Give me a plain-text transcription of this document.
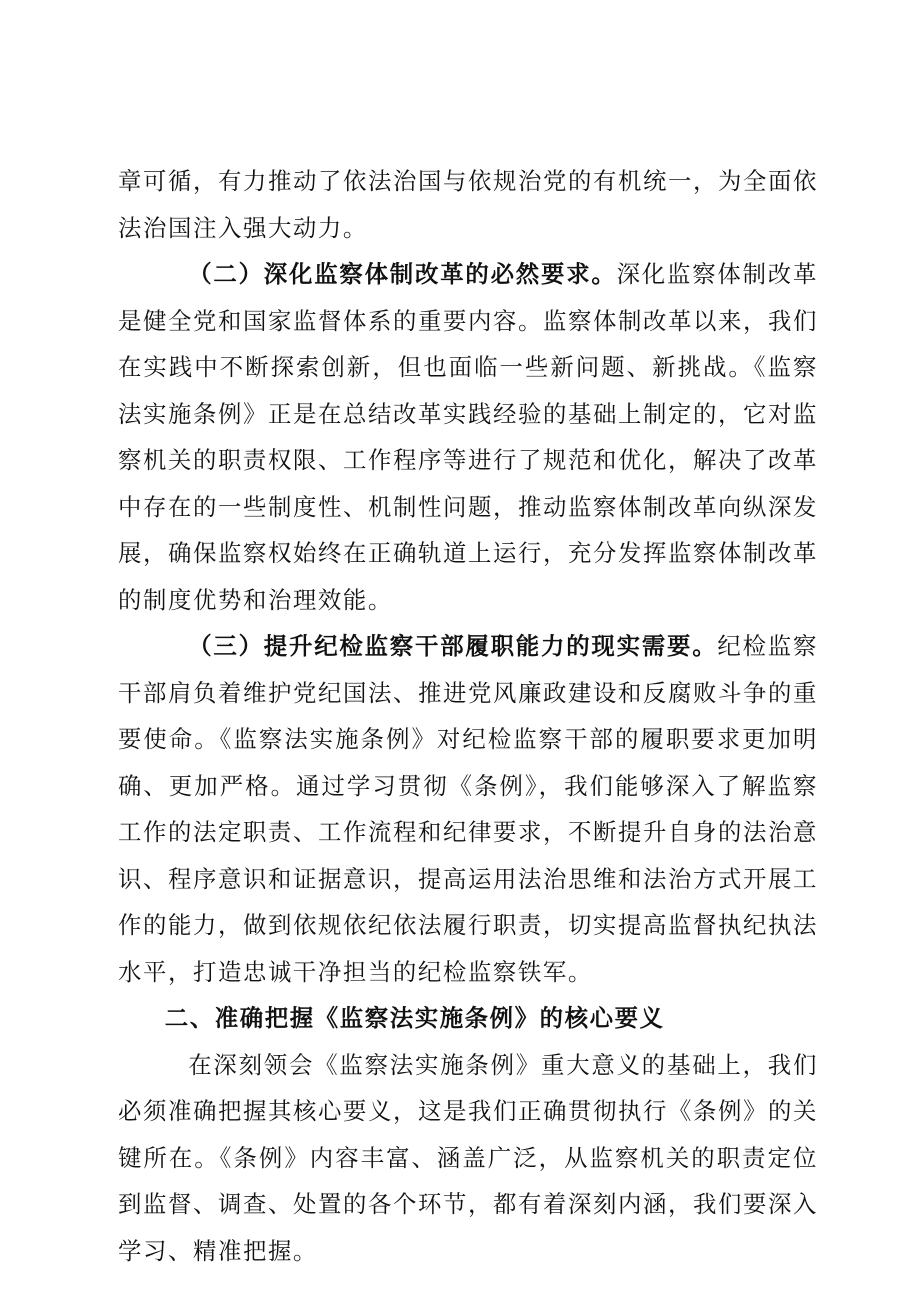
章可循，有力推动了依法治国与依规治党的有机统一，为全面依法治国注入强大动力。

（二）深化监察体制改革的必然要求。深化监察体制改革是健全党和国家监督体系的重要内容。监察体制改革以来，我们在实践中不断探索创新，但也面临一些新问题、新挑战。《监察法实施条例》正是在总结改革实践经验的基础上制定的，它对监察机关的职责权限、工作程序等进行了规范和优化，解决了改革中存在的一些制度性、机制性问题，推动监察体制改革向纵深发展，确保监察权始终在正确轨道上运行，充分发挥监察体制改革的制度优势和治理效能。

（三）提升纪检监察干部履职能力的现实需要。纪检监察干部肩负着维护党纪国法、推进党风廉政建设和反腐败斗争的重要使命。《监察法实施条例》对纪检监察干部的履职要求更加明确、更加严格。通过学习贯彻《条例》，我们能够深入了解监察工作的法定职责、工作流程和纪律要求，不断提升自身的法治意识、程序意识和证据意识，提高运用法治思维和法治方式开展工作的能力，做到依规依纪依法履行职责，切实提高监督执纪执法水平，打造忠诚干净担当的纪检监察铁军。

二、准确把握《监察法实施条例》的核心要义

在深刻领会《监察法实施条例》重大意义的基础上，我们必须准确把握其核心要义，这是我们正确贯彻执行《条例》的关键所在。《条例》内容丰富、涵盖广泛，从监察机关的职责定位到监督、调查、处置的各个环节，都有着深刻内涵，我们要深入学习、精准把握。
